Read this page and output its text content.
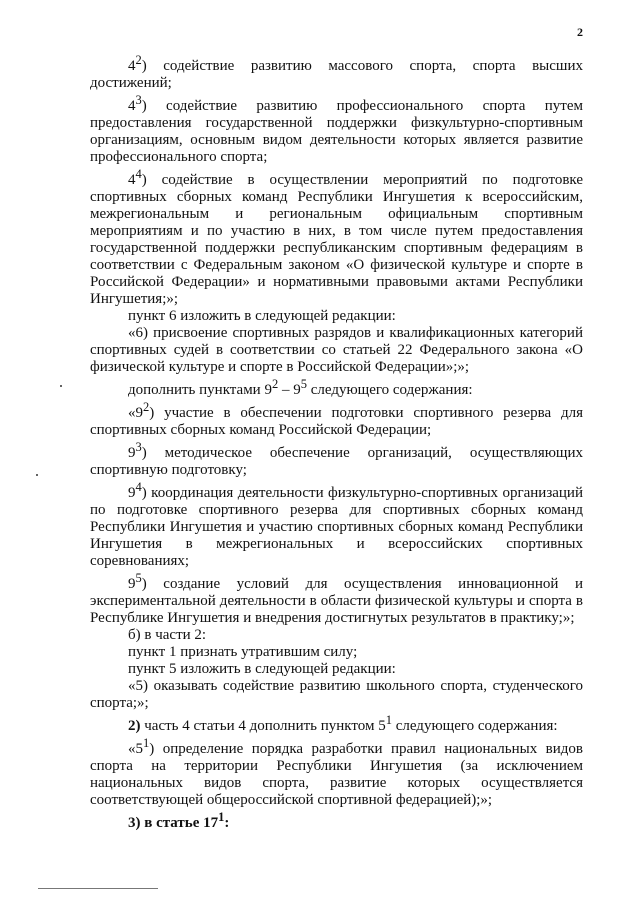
2

$4^2$) содействие развитию массового спорта, спорта высших достижений;

$4^3$) содействие развитию профессионального спорта путем предоставления государственной поддержки физкультурно-спортивным организациям, основным видом деятельности которых является развитие профессионального спорта;

$4^4$) содействие в осуществлении мероприятий по подготовке спортивных сборных команд Республики Ингушетия к всероссийским, межрегиональным и региональным официальным спортивным мероприятиям и по участию в них, в том числе путем предоставления государственной поддержки республиканским спортивным федерациям в соответствии с Федеральным законом «О физической культуре и спорте в Российской Федерации» и нормативными правовыми актами Республики Ингушетия;»;

пункт 6 изложить в следующей редакции:

«6) присвоение спортивных разрядов и квалификационных категорий спортивных судей в соответствии со статьей 22 Федерального закона «О физической культуре и спорте в Российской Федерации»;»;

дополнить пунктами $9^2 - 9^5$ следующего содержания:

«$9^2$) участие в обеспечении подготовки спортивного резерва для спортивных сборных команд Российской Федерации;

$9^3$) методическое обеспечение организаций, осуществляющих спортивную подготовку;

$9^4$) координация деятельности физкультурно-спортивных организаций по подготовке спортивного резерва для спортивных сборных команд Республики Ингушетия и участию спортивных сборных команд Республики Ингушетия в межрегиональных и всероссийских спортивных соревнованиях;

$9^5$) создание условий для осуществления инновационной и экспериментальной деятельности в области физической культуры и спорта в Республике Ингушетия и внедрения достигнутых результатов в практику;»;

б) в части 2:

пункт 1 признать утратившим силу;

пункт 5 изложить в следующей редакции:

«5) оказывать содействие развитию школьного спорта, студенческого спорта;»;

2) часть 4 статьи 4 дополнить пунктом $5^1$ следующего содержания:

«$5^1$) определение порядка разработки правил национальных видов спорта на территории Республики Ингушетия (за исключением национальных видов спорта, развитие которых осуществляется соответствующей общероссийской спортивной федерацией);»;

3) в статье $17^1$:
